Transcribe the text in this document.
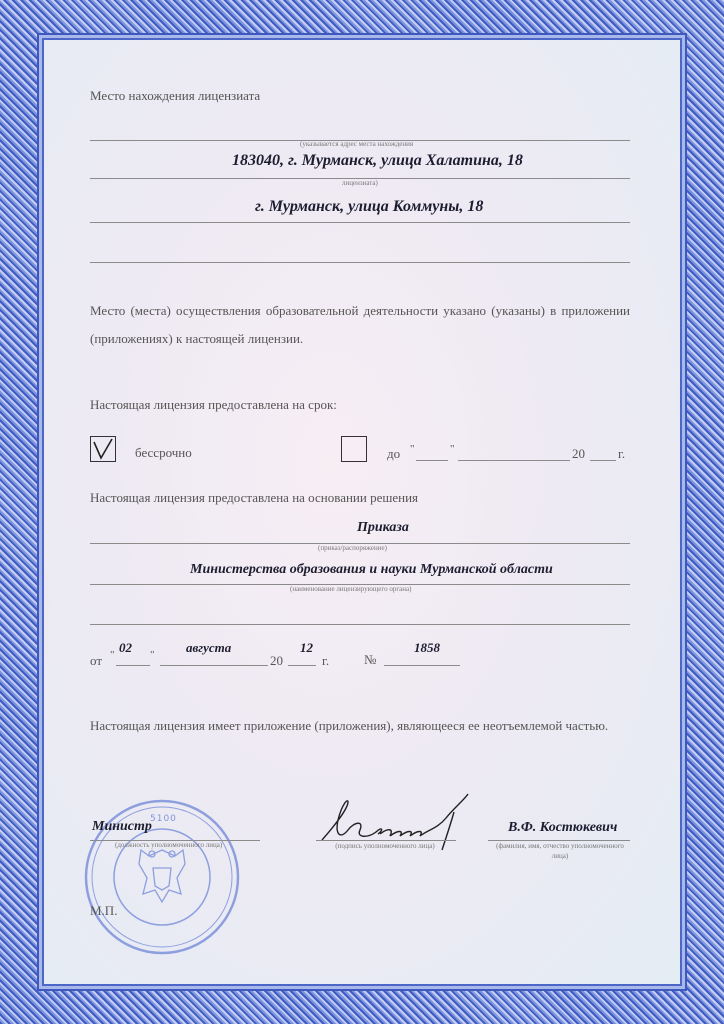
Место нахождения лицензиата
(указывается адрес места нахождения
183040, г. Мурманск, улица Халатина, 18
лицензиата)
г. Мурманск, улица Коммуны, 18
Место (места) осуществления образовательной деятельности указано (указаны) в приложении (приложениях) к настоящей лицензии.
Настоящая лицензия предоставлена на срок:
бессрочно	до "	"	20	г.
Настоящая лицензия предоставлена на основании решения
Приказа
(приказ/распоряжение)
Министерства образования и науки Мурманской области
(наименование лицензирующего органа)
от " 02 " августа
20
12
г.	№
1858
Настоящая лицензия имеет приложение (приложения), являющееся ее неотъемлемой частью.
5100
Министр
(должность уполномоченного лица)	(подпись уполномоченного лица)
В.Ф. Костюкевич
(фамилия, имя, отчество уполномоченного лица)
М.П.
